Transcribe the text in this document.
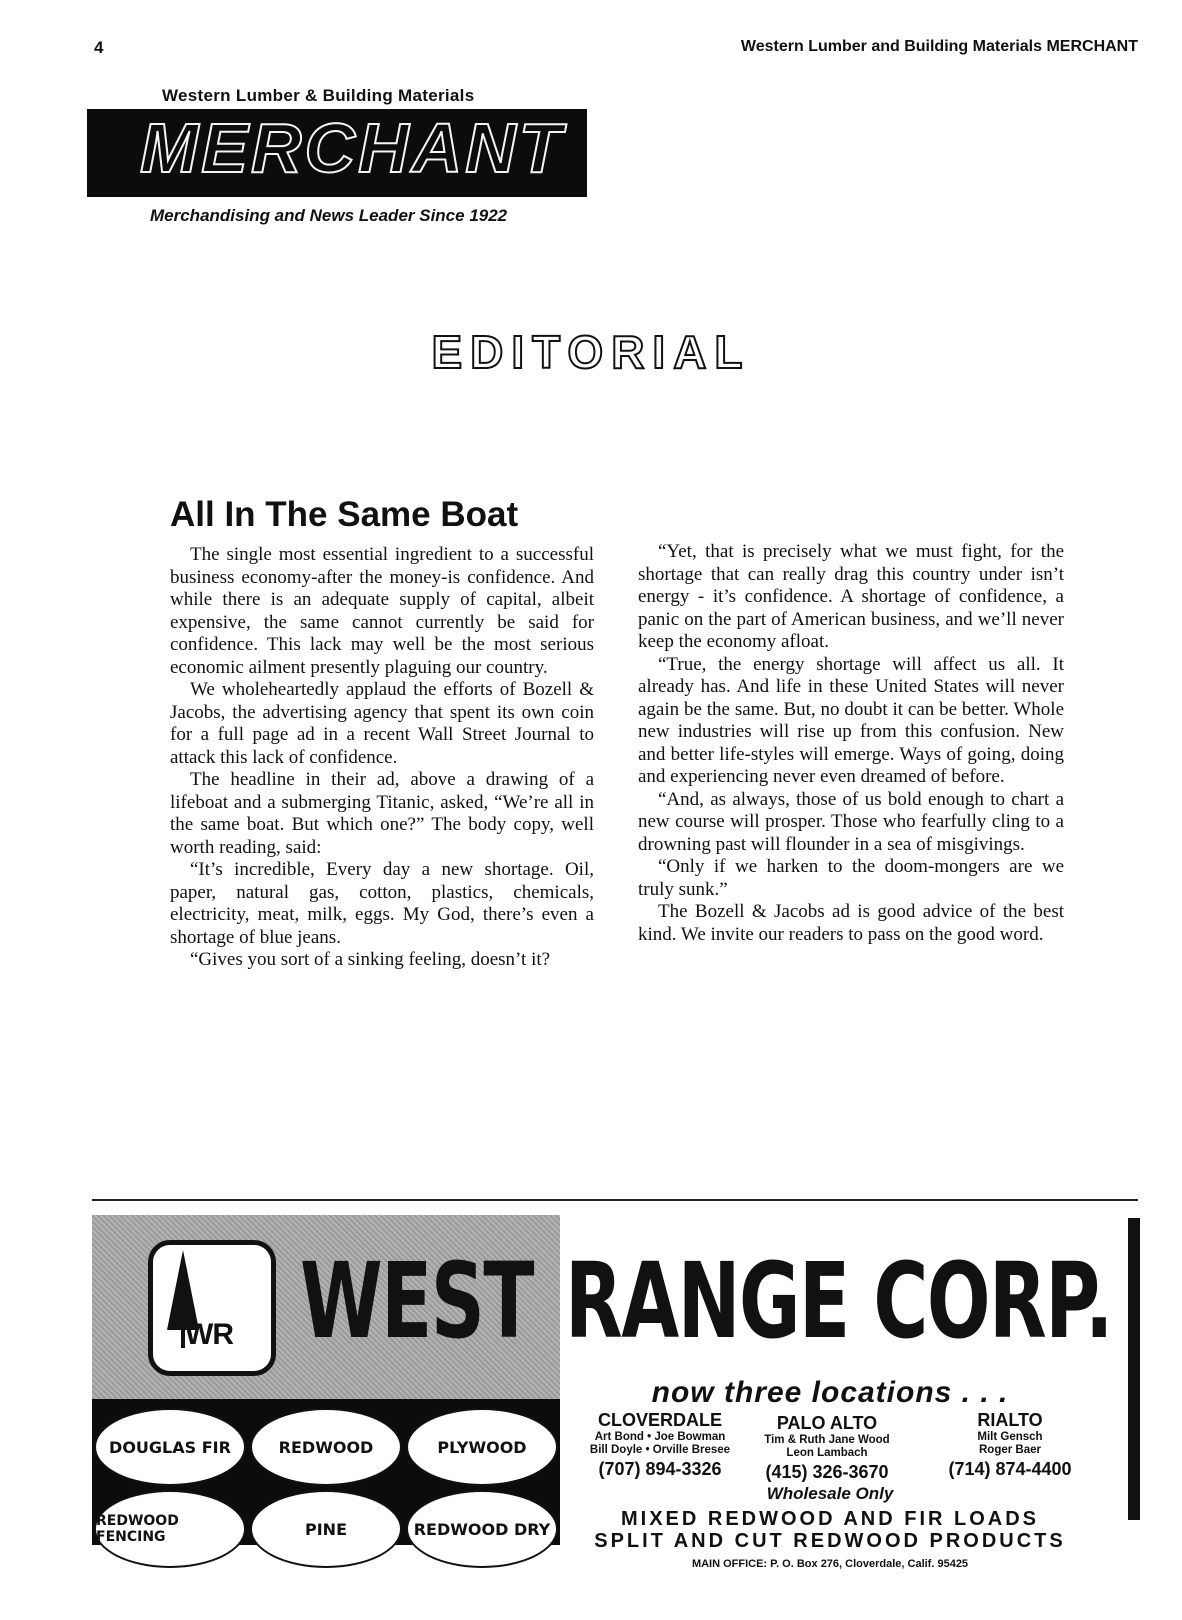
4	Western Lumber and Building Materials MERCHANT
Western Lumber & Building Materials
MERCHANT
Merchandising and News Leader Since 1922
EDITORIAL
All In The Same Boat

The single most essential ingredient to a successful business economy-after the money-is confidence. And while there is an adequate supply of capital, albeit expensive, the same cannot currently be said for confidence. This lack may well be the most serious economic ailment presently plaguing our country.

We wholeheartedly applaud the efforts of Bozell & Jacobs, the advertising agency that spent its own coin for a full page ad in a recent Wall Street Journal to attack this lack of confidence.

The headline in their ad, above a drawing of a lifeboat and a submerging Titanic, asked, “We’re all in the same boat. But which one?” The body copy, well worth reading, said:

“It’s incredible, Every day a new shortage. Oil, paper, natural gas, cotton, plastics, chemicals, electricity, meat, milk, eggs. My God, there’s even a shortage of blue jeans.

“Gives you sort of a sinking feeling, doesn’t it?

“Yet, that is precisely what we must fight, for the shortage that can really drag this country under isn’t energy - it’s confidence. A shortage of confidence, a panic on the part of American business, and we’ll never keep the economy afloat.

“True, the energy shortage will affect us all. It already has. And life in these United States will never again be the same. But, no doubt it can be better. Whole new industries will rise up from this confusion. New and better life-styles will emerge. Ways of going, doing and experiencing never even dreamed of before.

“And, as always, those of us bold enough to chart a new course will prosper. Those who fearfully cling to a drowning past will flounder in a sea of misgivings.

“Only if we harken to the doom-mongers are we truly sunk.”

The Bozell & Jacobs ad is good advice of the best kind. We invite our readers to pass on the good word.

WR WEST RANGE CORP.
DOUGLAS FIR	REDWOOD	PLYWOOD
REDWOOD FENCING	PINE	REDWOOD DRY
now three locations . . .
CLOVERDALE
Art Bond • Joe Bowman
Bill Doyle • Orville Bresee
(707) 894-3326
PALO ALTO
Tim & Ruth Jane Wood
Leon Lambach
(415) 326-3670
RIALTO
Milt Gensch
Roger Baer
(714) 874-4400
Wholesale Only
MIXED REDWOOD AND FIR LOADS
SPLIT AND CUT REDWOOD PRODUCTS
MAIN OFFICE: P. O. Box 276, Cloverdale, Calif. 95425
